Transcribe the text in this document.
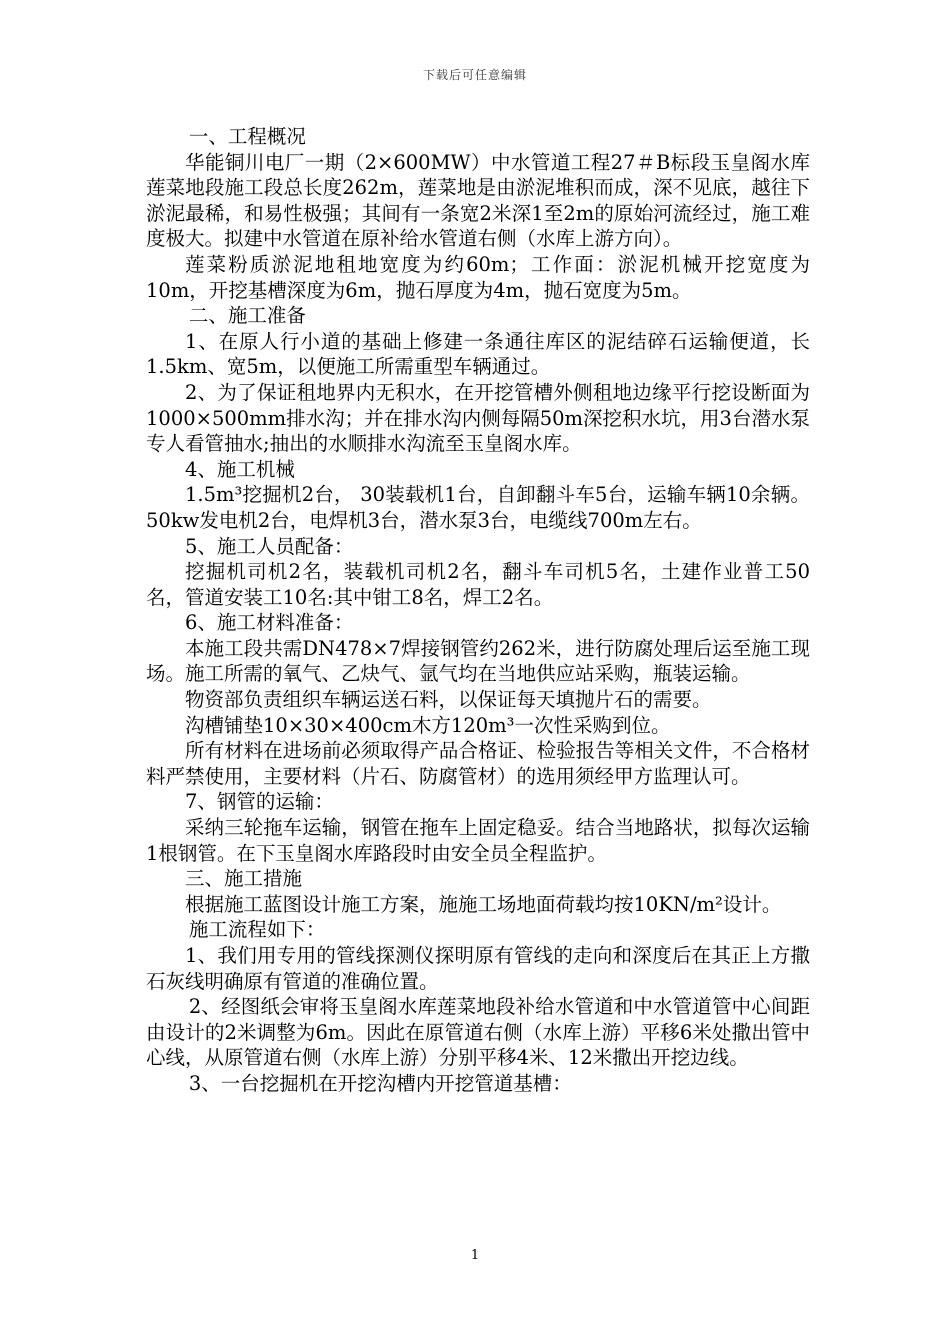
下载后可任意编辑

一、工程概况

华能铜川电厂一期（2×600MW）中水管道工程27＃B标段玉皇阁水库莲菜地段施工段总长度262m，莲菜地是由淤泥堆积而成，深不见底，越往下淤泥最稀，和易性极强；其间有一条宽2米深1至2m的原始河流经过，施工难度极大。拟建中水管道在原补给水管道右侧（水库上游方向）。

莲菜粉质淤泥地租地宽度为约60m；工作面：淤泥机械开挖宽度为10m，开挖基槽深度为6m，抛石厚度为4m，抛石宽度为5m。

二、施工准备

1、在原人行小道的基础上修建一条通往库区的泥结碎石运输便道，长1.5km、宽5m，以便施工所需重型车辆通过。

2、为了保证租地界内无积水，在开挖管槽外侧租地边缘平行挖设断面为1000×500mm排水沟；并在排水沟内侧每隔50m深挖积水坑，用3台潜水泵专人看管抽水;抽出的水顺排水沟流至玉皇阁水库。

4、施工机械

1.5m³挖掘机2台， 30装载机1台，自卸翻斗车5台，运输车辆10余辆。50kw发电机2台，电焊机3台，潜水泵3台，电缆线700m左右。

5、施工人员配备：

挖掘机司机2名，装载机司机2名，翻斗车司机5名，土建作业普工50名，管道安装工10名:其中钳工8名，焊工2名。

6、施工材料准备：

本施工段共需DN478×7焊接钢管约262米，进行防腐处理后运至施工现场。施工所需的氧气、乙炔气、氩气均在当地供应站采购，瓶装运输。

物资部负责组织车辆运送石料，以保证每天填抛片石的需要。

沟槽铺垫10×30×400cm木方120m³一次性采购到位。

所有材料在进场前必须取得产品合格证、检验报告等相关文件，不合格材料严禁使用，主要材料（片石、防腐管材）的选用须经甲方监理认可。

7、钢管的运输：

采纳三轮拖车运输，钢管在拖车上固定稳妥。结合当地路状，拟每次运输1根钢管。在下玉皇阁水库路段时由安全员全程监护。

三、施工措施

根据施工蓝图设计施工方案，施施工场地面荷载均按10KN/m²设计。

施工流程如下：

1、我们用专用的管线探测仪探明原有管线的走向和深度后在其正上方撒石灰线明确原有管道的准确位置。

2、经图纸会审将玉皇阁水库莲菜地段补给水管道和中水管道管中心间距由设计的2米调整为6m。因此在原管道右侧（水库上游）平移6米处撒出管中心线，从原管道右侧（水库上游）分别平移4米、12米撒出开挖边线。

3、一台挖掘机在开挖沟槽内开挖管道基槽：

1
